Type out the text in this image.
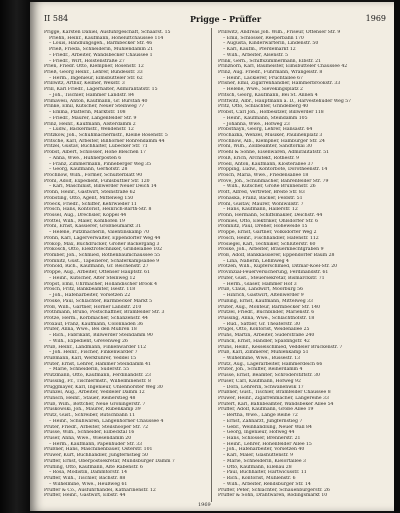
II 584	Prigge – Prüffer	1969
Prigge, Karsten Daniel, Ausfuhrgeschäft, Schaarst. 15
Priehn, Heinr., Kaufmann, Hoheluftchaussee 114
– Louis, Handlungsgeh., Barmbecker Str. 46
Prieß, Frieda, Schneiderin, Mühlendamm 21
– Friedr., Arbeiter, Wandsbecker Chaussee 1
– Friedr., Wirt, Holstenstraße 27
Prien, Friedr. Otto, Klempner, Rosenstr. 12
Prieß, Georg Heinr., Lehrer, Bundesstr. 33
– Herm., Ingenieur, Eimsbütteler Str. 62
Prillwitz, Arthur, Kellner, Wexstr. 3
Prill, Karl Friedr., Lagerhalter, Admiralitätstr. 15
– Joh., Tischler, Hammer Landstr. 84
Primavesi, Anton, Kaufmann, Gr. Burstah 40
Prinke, Emil, Kutscher, Neuer Steinweg 77
– Emma, Plätterin, Marktstr. 108
– Friedr., Maurer, Langenfelder Str. 9
Prinz, Heinr., Kaufmann, Alsterdamm 2
– Ludw., Bäckermstr., Wendenstr. 12
Pritzkow, Joh., Schuhmachermstr., Kleine Rosenstr. 5
Pritsche, Karl, Arbeiter, Billhorner Röhrendamm 44
Pritzel, Gustav, Buchhalter, Lübecker Str. 71
Probst, Albert, Schlosser, Hohe Bleichen 17
– Anna, Wwe., Hühnerposten 6
– Franz, Zimmermann, Pinneberger Weg 35
– Georg, Kaufmann, Gerhofstr. 28
Prochnow, Wilh., Former, Schulterblatt 90
Pröhl, Adolf, Expedient, Fuhlsbüttler Str. 120
– Karl, Maschinist, Billwerder Neuer Deich 14
Pröhn, Heinr., Gastwirt, Steinstraße 62
Pröbsting, Otto, Agent, Mittelweg 150
Proeck, Friedr., Schiffer, Kehrwieder 11
Prösch, Hans, Kontorist, Heinrich-Barth-Str. 8
Prössel, Aug., Drechsler, Koppel 44
Pröttel, Wilh., Maler, Kohlhöfen 19
Prohl, Ernst, Kassierer, Großneumarkt 31
– Helene, Putzmacherin, Valentinskamp 70
Prohn, Karl, Lagerverwalter, Eppendorfer Weg 44
Prokop, Max, Buchdrucker, Großer Bäckergang 3
Prokosch, Otto, Elektrotechniker, Grindelallee 102
Promber, Joh., Schmied, Rothenbaumchaussee 55
Promnitz, Gust., Tapezierer, Schäferkampsallee 9
Pronold, Rich., Kaufmann, Gr. Reichenstr. 27
Proppe, Aug., Arbeiter, Ottenser Hauptstr. 61
– Heinr., Kutscher, Alter Steinweg 12
Propst, Emil, Uhrmacher, Holländischer Brook 4
Prosch, Fritz, Bankbeamter, Isestr. 118
– Joh., Hafenarbeiter, Vorsetzen 22
Proske, Paul, Schlachter, Barmbecker Markt 5
Proß, Wilh., Gärtner, Horner Landstr. 210
Prothmann, Bruno, Postschaffner, Bramfelder Str. 3
Protze, Herm., Korbmacher, Schanzenstr. 44
Proxauf, Franz, Kaufmann, Colonnaden 36
Prüfer, Anna, Wwe., Bei den Mühren 18
– Rich., Fabrikant, Billwerder Steindamm 90
– Wilh., Expedient, Grevenweg 26
Prüß, Heinr., Landmann, Finkenwärder 112
– Joh. Heinr., Fischer, Finkenwärder 7
Prüßmann, Karl, Werkführer, Veddel 15
Prüter, Ernst, Lehrer, Hammer Steindamm 41
– Marie, Schneiderin, Süderstr. 55
Prützmann, Otto, Kaufmann, Ferdinandstr. 23
Prüssing, Fr., Tischlermstr., Wilhelminenstr. 8
Pruggmayer, Karl, Ingenieur, Uhlenhorster Weg 30
Prunzel, Aug., Arbeiter, Veddeler Damm 12
Prunsch, Heinr., Stauer, Reiherstieg 48
Pruß, Wilh., Böttcher, Neue Gröningerstr. 7
Pruskowski, Joh., Maurer, Rübenkamp 39
Prutz, Gust., Schreiber, Rutschbahn 11
– Heinr., Schuhwaren, Langenhorner Chaussee 4
Pruter, Friedr., Arbeiter, Steilshooper Str. 72
Prüsse, Wilh., Schneider, Eilbecktal 16
Prüser, Anna, Wwe., Wiesendamm 20
– Herm., Kaufmann, Papenhuder Str. 33
Prüßner, Hans, Maschinenbauer, Osterstr. 101
Prüwer, Kurt, Buchhändler, Jungfernstieg 50
Prüffer, Ernst, Oberpostsekretär, Mundsburger Damm 7
Prüfling, Otto, Kaufmann, Alte Rabenstr. 6
– Rosa, Modistin, Dammtorstr. 14
Prüffer, Wilh., Tischler, Bachstr. 88
– Wilhelmine, Wwe., Heußweg 61
Prüffer & Co., Ausfuhrhandel, Katharinenstr. 12
Prüffer, Heinr., Gastwirt, Elbstr. 44
Prillwitz, Andreas Joh. Wilh., Friseur, Ottenser Str. 9
– Emil, Schlosser, Reeperbahn 170
– Augusta, Kinderwärterin, Lindenstr. 50
– Karl, Kaufm., Pferdemarkt 12
– Wilh., Arbeiter, Alsenstr. 5
Prink, Gerh., Schiffszimmermann, Elbstr. 21
Prinzhorn, Karl, Baumeister, Eimsbütteler Chaussee 42
Prinz, Aug. Friedr., Fuhrmann, Wrangelstr. 8
– Heinr., Lackierer, Fruchtallee 67
Prisner, Emil, Zigarrenhändler, Hammerbrookstr. 33
– Helene, Wwe., Sievekingsplatz 2
Pritsch, Georg, Kaufmann, Bei St. Annen 4
Prittwitz, Albr., Hauptmann a. D., Harvestehuder Weg 57
Pritz, Otto, Schlachter, Grindelberg 40
Probst, Carl Joh., Hofbesitzer, Billwerder 118
– Heinr., Kaufmann, Steindamm 105
– Johanna, Wwe., Hofweg 23
Probsthayn, Georg, Lehrer, Hansastr. 64
Prochazka, Wenzel, Musiker, Paulinenplatz 3
Prochnow, Alb., Klempner, Hamburger Str. 24
Pröhl, Wilh., Zollbeamter, Sandtorkai 30
Proehl & Söhne, Eisenwaren, Admiralitätstr. 51
Prölß, Erich, Architekt, Rothestr. 9
Proell, Anton, Kaufmann, Klosterallee 37
Pröpping, Ludw., Kontorbote, Dorotheenstr. 14
Prösch, Maria, Wwe., Friedensallee 18
Pröve, Joh., Schuhmacher, Bahrenfelder Str. 79
– Wilh., Kutscher, Große Brunnenstr. 26
Proft, Alfred, Vertreter, Breite Str. 83
Prohaska, Franz, Bäcker, Feldstr. 51
Prohl, Gustav, Maurer, Wohlwillstr. 7
– Hans, Kaufmann, Hallerstr. 12
Prohn, Hermann, Schiffsmakler, Deichstr. 44
Promies, Otto, Elektriker, Ohlsdorfer Str. 6
Promnitz, Paul, Dreher, Hoheweide 15
Proppe, Ernst, Gärtner, Volksdorfer Weg 2
Prosch, Heinr., Fischhändler, Hafenstr. 112
Prosiegel, Karl, Techniker, Schlüterstr. 60
Proske, Joh., Arbeiter, Brauerknechtgraben 9
Proß, Adolf, Bankkassierer, Eppendorfer Baum 28
– Lina, Näherin, Lehmweg 4
Protzen, Wilh., Kupferschmied, Ditmar-Koel-Str. 20
Provinzial-Feuerversicherung, Ferdinandstr. 61
Prüfer, Gust., Steuersekretär, Bismarckstr. 71
– Herm., Glaser, Hammer Hof 3
Prüß, Claus, Landwirt, Moorburg 56
– Hinrich, Gastwirt, Altenwerder 9
Prüßing, Ernst, Kaufmann, Mittelweg 33
Prüter, Aug., Monteur, Barmbecker Str. 140
Prützel, Friedr., Buchbinder, Marienstr. 6
Prüssing, Anna, Wwe., Schlachthofstr. 18
– Rud., Sattler, Gr. Theaterstr. 30
Prugel, Otto, Kontorist, Weidenallee 25
Pruhs, Martin, Arbeiter, Süderstraße 240
Prunck, Ernst, Händler, Spaldingstr. 42
Pruns, Heinr., Kesselschmied, Veddeler Brückenstr. 7
Pruß, Karl, Zimmerer, Mühlenkamp 51
– Wilhelmine, Wwe., Bussestr. 13
Prutz, Aug., Lagerarbeiter, Hammerdeich 66
Pruter, Joh., Schiffer, Reiherdamm 4
Prüsse, Ernst, Beamter, Schröderstiftstr. 30
Prüser, Carl, Kaufmann, Hofweg 92
– Dora, Lehrerin, Schwanenwik 17
Prüßner, Gust., Tischler, Bramfelder Chaussee 8
Prüwer, Heinr., Zigarrenmacher, Langereihe 33
Prüfert, Karl, Bahnbeamter, Wandsbeker Allee 54
Prüffer, Adolf, Kaufmann, Große Allee 19
– Bertha, Wwe., Lange Reihe 72
– Ernst, Zahnarzt, Jungfernstieg 7
– Gebr., Weinhandlung, Neuer Wall 84
– Georg, Ingenieur, Hofweg 44
– Hans, Schlosser, Brennerstr. 21
– Heinr., Lehrer, Hohenfelder Allee 15
– Joh., Hafenarbeiter, Vorsetzen 40
– Karl, Maler, Glashüttenstr. 9
– Marie, Schneiderin, Kielortallee 3
– Otto, Kaufmann, Eilenau 28
– Paul, Buchhalter, Hartwicusstr. 11
– Rich., Kontorist, Mühlenstr. 6
– Wilh., Arbeiter, Rendsburger Str. 14
Prüffer, Peter, Schlachter, Schauenburgerstr. 26
Prüffer & Sohn, Drahtwaren, Rödingsmarkt 10
1969
